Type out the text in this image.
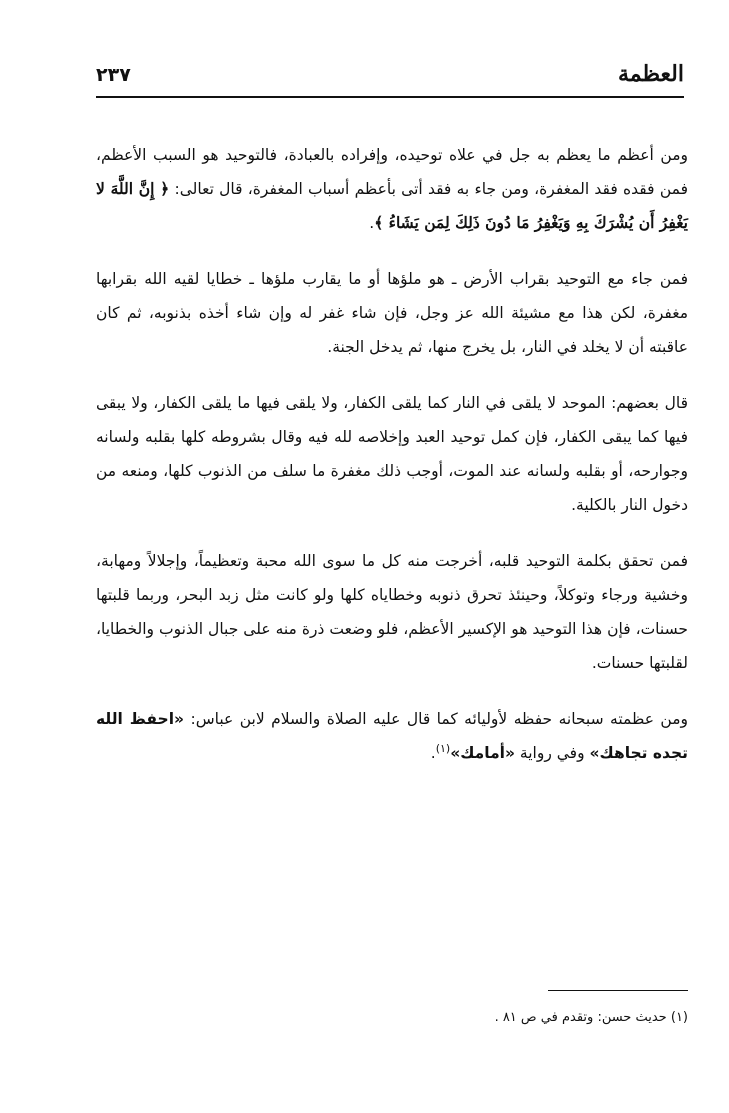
العظمة
٢٣٧

ومن أعظم ما يعظم به جل في علاه توحيده، وإفراده بالعبادة، فالتوحيد هو السبب الأعظم، فمن فقده فقد المغفرة، ومن جاء به فقد أتى بأعظم أسباب المغفرة، قال تعالى: ﴿ إِنَّ اللَّهَ لا يَغْفِرُ أَن يُشْرَكَ بِهِ وَيَغْفِرُ مَا دُونَ ذَلِكَ لِمَن يَشَاءُ ﴾.

فمن جاء مع التوحيد بقراب الأرض ـ هو ملؤها أو ما يقارب ملؤها ـ خطايا لقيه الله بقرابها مغفرة، لكن هذا مع مشيئة الله عز وجل، فإن شاء غفر له وإن شاء أخذه بذنوبه، ثم كان عاقبته أن لا يخلد في النار، بل يخرج منها، ثم يدخل الجنة.

قال بعضهم: الموحد لا يلقى في النار كما يلقى الكفار، ولا يلقى فيها ما يلقى الكفار، ولا يبقى فيها كما يبقى الكفار، فإن كمل توحيد العبد وإخلاصه لله فيه وقال بشروطه كلها بقلبه ولسانه وجوارحه، أو بقلبه ولسانه عند الموت، أوجب ذلك مغفرة ما سلف من الذنوب كلها، ومنعه من دخول النار بالكلية.

فمن تحقق بكلمة التوحيد قلبه، أخرجت منه كل ما سوى الله محبة وتعظيماً، وإجلالاً ومهابة، وخشية ورجاء وتوكلاً، وحينئذ تحرق ذنوبه وخطاياه كلها ولو كانت مثل زبد البحر، وربما قلبتها حسنات، فإن هذا التوحيد هو الإكسير الأعظم، فلو وضعت ذرة منه على جبال الذنوب والخطايا، لقلبتها حسنات.

ومن عظمته سبحانه حفظه لأوليائه كما قال عليه الصلاة والسلام لابن عباس: «احفظ الله تجده تجاهك» وفي رواية «أمامك»$^{(١)}$.

(١) حديث حسن: وتقدم في ص ٨١ .
